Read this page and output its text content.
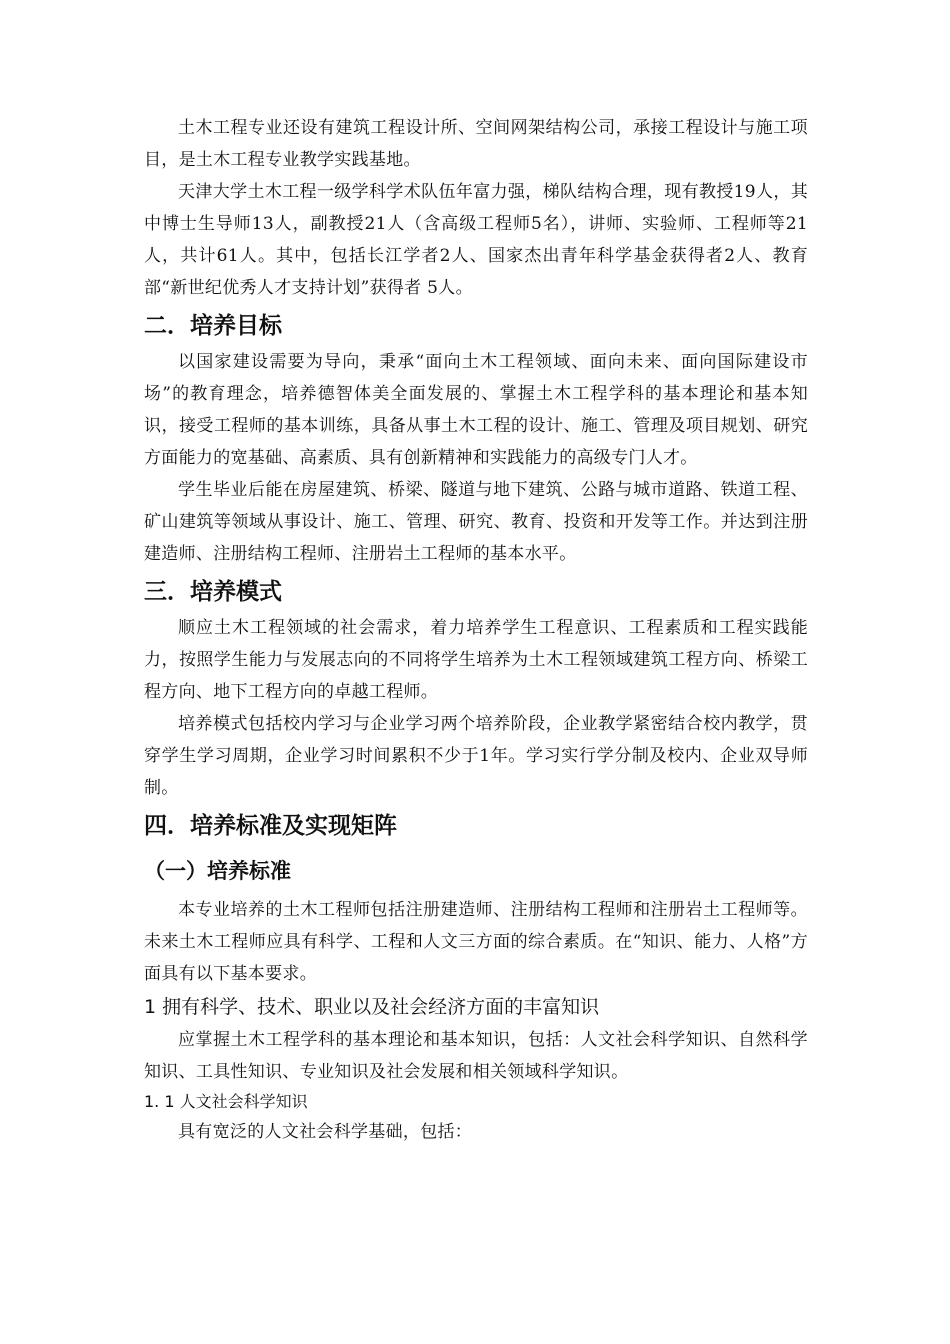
土木工程专业还设有建筑工程设计所、空间网架结构公司，承接工程设计与施工项目，是土木工程专业教学实践基地。

天津大学土木工程一级学科学术队伍年富力强，梯队结构合理，现有教授19人，其中博士生导师13人，副教授21人（含高级工程师5名），讲师、实验师、工程师等21人，共计61人。其中，包括长江学者2人、国家杰出青年科学基金获得者2人、教育部“新世纪优秀人才支持计划”获得者 5人。

二．培养目标

以国家建设需要为导向，秉承“面向土木工程领域、面向未来、面向国际建设市场”的教育理念，培养德智体美全面发展的、掌握土木工程学科的基本理论和基本知识，接受工程师的基本训练，具备从事土木工程的设计、施工、管理及项目规划、研究方面能力的宽基础、高素质、具有创新精神和实践能力的高级专门人才。

学生毕业后能在房屋建筑、桥梁、隧道与地下建筑、公路与城市道路、铁道工程、矿山建筑等领域从事设计、施工、管理、研究、教育、投资和开发等工作。并达到注册建造师、注册结构工程师、注册岩土工程师的基本水平。

三．培养模式

顺应土木工程领域的社会需求，着力培养学生工程意识、工程素质和工程实践能力，按照学生能力与发展志向的不同将学生培养为土木工程领域建筑工程方向、桥梁工程方向、地下工程方向的卓越工程师。

培养模式包括校内学习与企业学习两个培养阶段，企业教学紧密结合校内教学，贯穿学生学习周期，企业学习时间累积不少于1年。学习实行学分制及校内、企业双导师制。

四．培养标准及实现矩阵
（一）培养标准

本专业培养的土木工程师包括注册建造师、注册结构工程师和注册岩土工程师等。未来土木工程师应具有科学、工程和人文三方面的综合素质。在“知识、能力、人格”方面具有以下基本要求。

1 拥有科学、技术、职业以及社会经济方面的丰富知识

应掌握土木工程学科的基本理论和基本知识，包括：人文社会科学知识、自然科学知识、工具性知识、专业知识及社会发展和相关领域科学知识。

1. 1 人文社会科学知识

具有宽泛的人文社会科学基础，包括：
